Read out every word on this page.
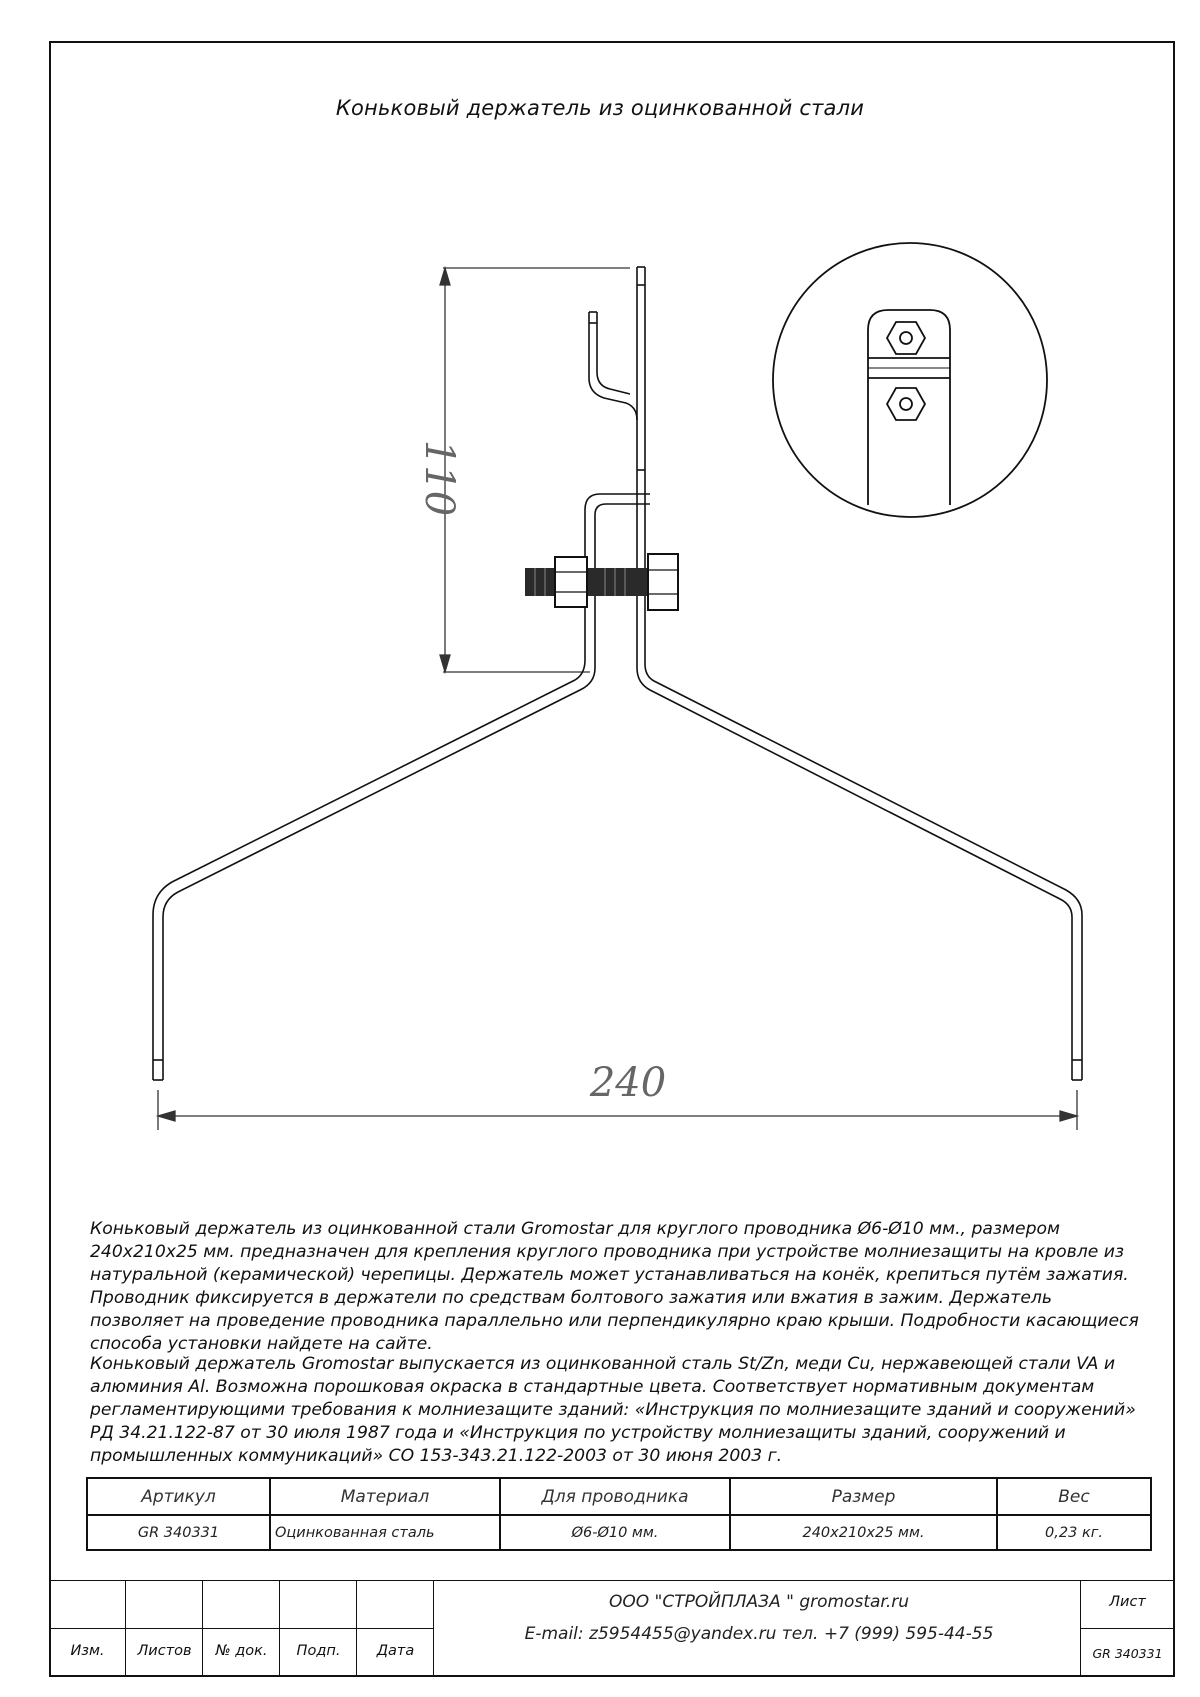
Коньковый держатель из оцинкованной стали
110
240

Коньковый держатель из оцинкованной стали Gromostar для круглого проводника Ø6-Ø10 мм., размером 240x210x25 мм. предназначен для крепления круглого проводника при устройстве молниезащиты на кровле из натуральной (керамической) черепицы. Держатель может устанавливаться на конёк, крепиться путём зажатия. Проводник фиксируется в держатели по средствам болтового зажатия или вжатия в зажим. Держатель позволяет на проведение проводника параллельно или перпендикулярно краю крыши. Подробности касающиеся способа установки найдете на сайте.

Коньковый держатель Gromostar выпускается из оцинкованной сталь St/Zn, меди Cu, нержавеющей стали VA и алюминия Al. Возможна порошковая окраска в стандартные цвета. Соответствует нормативным документам регламентирующими требования к молниезащите зданий: «Инструкция по молниезащите зданий и сооружений» РД 34.21.122-87 от 30 июля 1987 года и «Инструкция по устройству молниезащиты зданий, сооружений и промышленных коммуникаций» СО 153-343.21.122-2003 от 30 июня 2003 г.

Артикул	Материал	Для проводника	Размер	Вес
GR 340331	Оцинкованная сталь	Ø6-Ø10 мм.	240x210x25 мм.	0,23 кг.
Изм.	Листов	№ док.	Подп.	Дата
ООО "СТРОЙПЛАЗА " gromostar.ru
E-mail: z5954455@yandex.ru тел. +7 (999) 595-44-55
Лист
GR 340331
